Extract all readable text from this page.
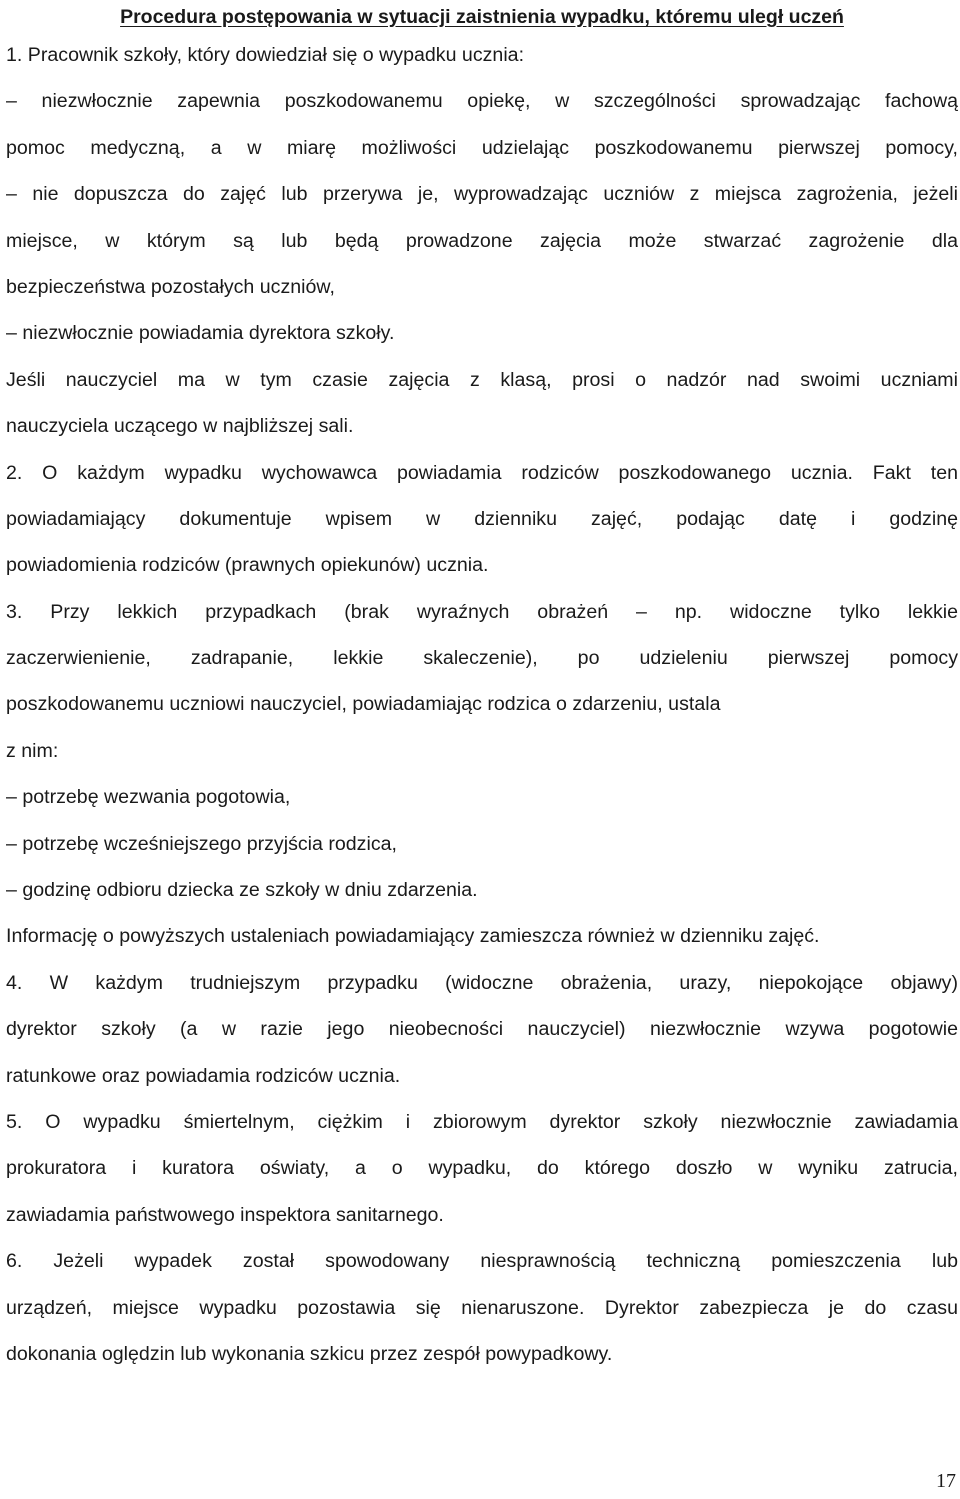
Procedura postępowania w sytuacji zaistnienia wypadku, któremu uległ uczeń
1. Pracownik szkoły, który dowiedział się o wypadku ucznia:
– niezwłocznie zapewnia poszkodowanemu opiekę, w szczególności sprowadzając fachową
pomoc medyczną, a w miarę możliwości udzielając poszkodowanemu pierwszej pomocy,
– nie dopuszcza do zajęć lub przerywa je, wyprowadzając uczniów z miejsca zagrożenia, jeżeli
miejsce, w którym są lub będą prowadzone zajęcia może stwarzać zagrożenie dla
bezpieczeństwa pozostałych uczniów,
– niezwłocznie powiadamia dyrektora szkoły.
Jeśli nauczyciel ma w tym czasie zajęcia z klasą, prosi o nadzór nad swoimi uczniami
nauczyciela uczącego w najbliższej sali.
2. O każdym wypadku wychowawca powiadamia rodziców poszkodowanego ucznia. Fakt ten
powiadamiający dokumentuje wpisem w dzienniku zajęć, podając datę i godzinę
powiadomienia rodziców (prawnych opiekunów) ucznia.
3. Przy lekkich przypadkach (brak wyraźnych obrażeń – np. widoczne tylko lekkie
zaczerwienienie, zadrapanie, lekkie skaleczenie), po udzieleniu pierwszej pomocy
poszkodowanemu uczniowi nauczyciel, powiadamiając rodzica o zdarzeniu, ustala
z nim:
– potrzebę wezwania pogotowia,
– potrzebę wcześniejszego przyjścia rodzica,
– godzinę odbioru dziecka ze szkoły w dniu zdarzenia.
Informację o powyższych ustaleniach powiadamiający zamieszcza również w dzienniku zajęć.
4. W każdym trudniejszym przypadku (widoczne obrażenia, urazy, niepokojące objawy)
dyrektor szkoły (a w razie jego nieobecności nauczyciel) niezwłocznie wzywa pogotowie
ratunkowe oraz powiadamia rodziców ucznia.
5. O wypadku śmiertelnym, ciężkim i zbiorowym dyrektor szkoły niezwłocznie zawiadamia
prokuratora i kuratora oświaty, a o wypadku, do którego doszło w wyniku zatrucia,
zawiadamia państwowego inspektora sanitarnego.
6. Jeżeli wypadek został spowodowany niesprawnością techniczną pomieszczenia lub
urządzeń, miejsce wypadku pozostawia się nienaruszone. Dyrektor zabezpiecza je do czasu
dokonania oględzin lub wykonania szkicu przez zespół powypadkowy.
17
